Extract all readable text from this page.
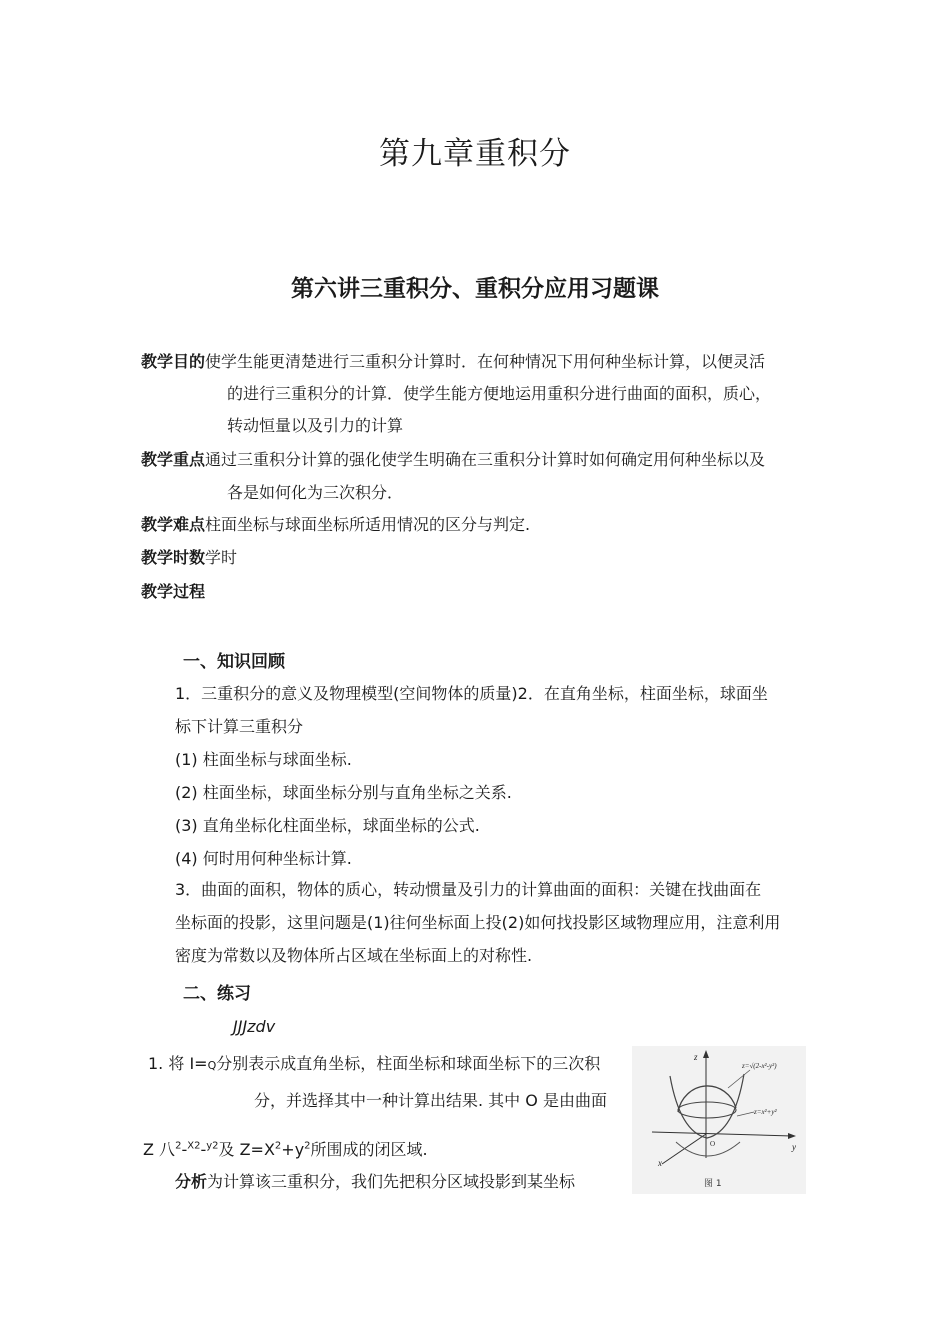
第九章重积分
第六讲三重积分、重积分应用习题课
教学目的使学生能更清楚进行三重积分计算时．在何种情况下用何种坐标计算，以便灵活
的进行三重积分的计算．使学生能方便地运用重积分进行曲面的面积，质心，
转动恒量以及引力的计算
教学重点通过三重积分计算的强化使学生明确在三重积分计算时如何确定用何种坐标以及
各是如何化为三次积分．
教学难点柱面坐标与球面坐标所适用情况的区分与判定.
教学时数学时
教学过程
一、知识回顾
1．三重积分的意义及物理模型(空间物体的质量)2．在直角坐标，柱面坐标，球面坐
标下计算三重积分
(1) 柱面坐标与球面坐标.
(2) 柱面坐标，球面坐标分别与直角坐标之关系.
(3) 直角坐标化柱面坐标，球面坐标的公式.
(4) 何时用何种坐标计算.
3．曲面的面积，物体的质心，转动惯量及引力的计算曲面的面积：关键在找曲面在
坐标面的投影，这里问题是(1)往何坐标面上投(2)如何找投影区域物理应用，注意利用
密度为常数以及物体所占区域在坐标面上的对称性.
二、练习
JJJzdv
1. 将 I=Q分别表示成直角坐标，柱面坐标和球面坐标下的三次积
分，并选择其中一种计算出结果. 其中 O 是由曲面
Z 八$^2$-$^{X2}$-$^{y2}$及 $Z=X^2+y^2$所围成的闭区域.
分析为计算该三重积分，我们先把积分区域投影到某坐标
z
y
x
O
z=√(2-x²-y²)
z=x²+y²
图 1
